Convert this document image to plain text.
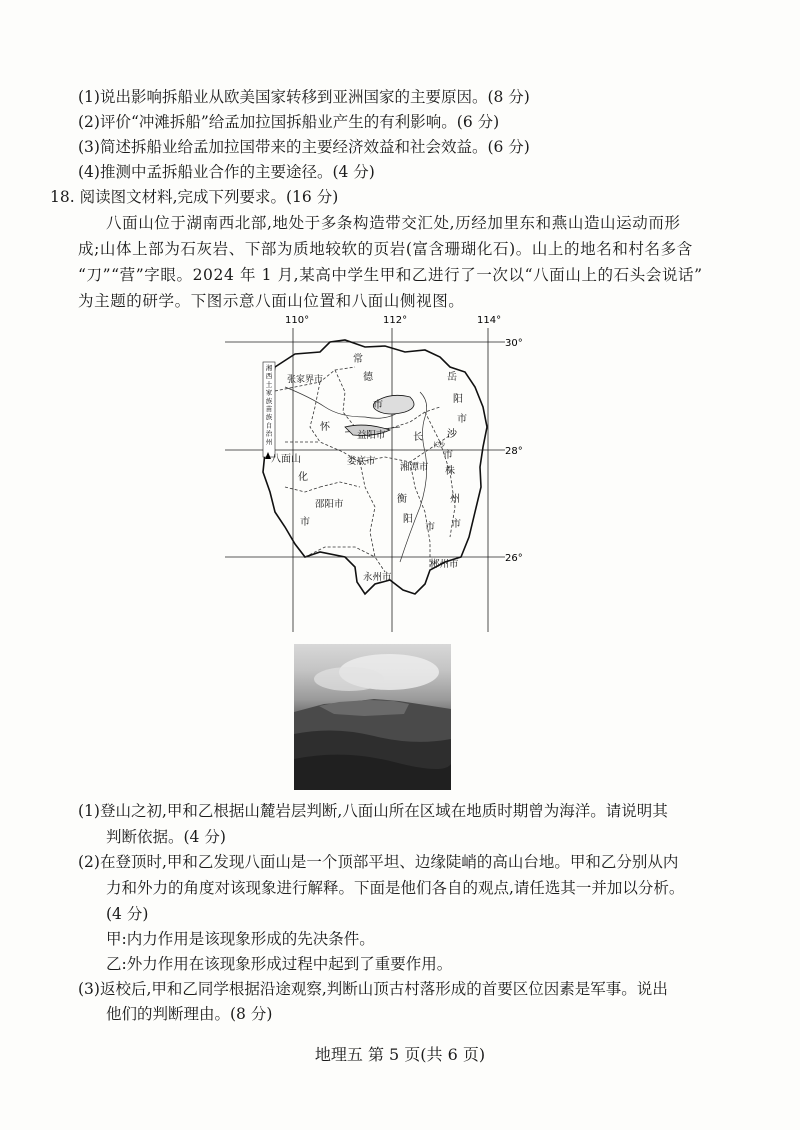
(1)说出影响拆船业从欧美国家转移到亚洲国家的主要原因。(8 分)
(2)评价“冲滩拆船”给孟加拉国拆船业产生的有利影响。(6 分)
(3)简述拆船业给孟加拉国带来的主要经济效益和社会效益。(6 分)
(4)推测中孟拆船业合作的主要途径。(4 分)
18. 阅读图文材料,完成下列要求。(16 分)
八面山位于湖南西北部,地处于多条构造带交汇处,历经加里东和燕山造山运动而形
成;山体上部为石灰岩、下部为质地较软的页岩(富含珊瑚化石)。山上的地名和村名多含
“刀”“营”字眼。2024 年 1 月,某高中学生甲和乙进行了一次以“八面山上的石头会说话”
为主题的研学。下图示意八面山位置和八面山侧视图。
110°	112°	114°
30°
28°
26°
常
德
市
张家界市	岳
阳
市
益阳市
怀
化
市
长 沙
市
长沙
八面山	娄底市
湘潭市 株
州
市
邵阳市	衡
阳
市
永州市
郴州市
湘西土家族苗族自治州
(1)登山之初,甲和乙根据山麓岩层判断,八面山所在区域在地质时期曾为海洋。请说明其
判断依据。(4 分)
(2)在登顶时,甲和乙发现八面山是一个顶部平坦、边缘陡峭的高山台地。甲和乙分别从内
力和外力的角度对该现象进行解释。下面是他们各自的观点,请任选其一并加以分析。
(4 分)
甲:内力作用是该现象形成的先决条件。
乙:外力作用在该现象形成过程中起到了重要作用。
(3)返校后,甲和乙同学根据沿途观察,判断山顶古村落形成的首要区位因素是军事。说出
他们的判断理由。(8 分)
地理五 第 5 页(共 6 页)
